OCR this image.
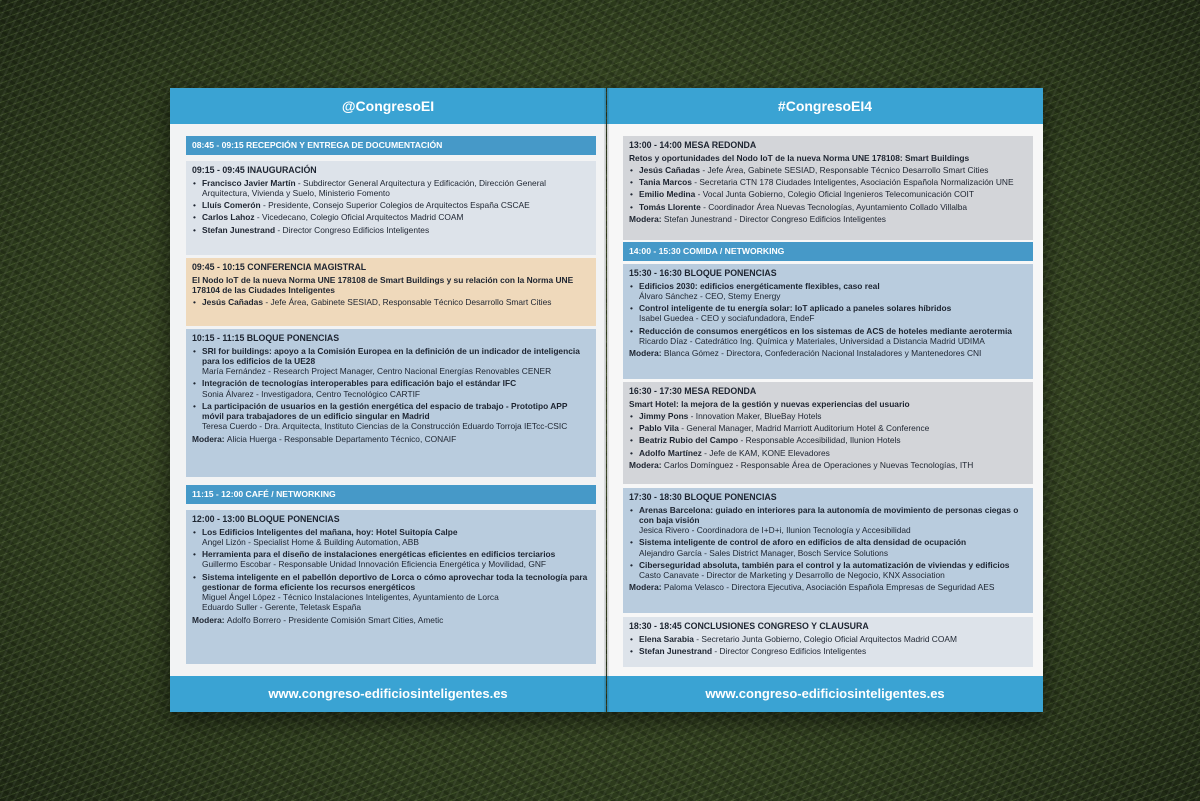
@CongresoEI
08:45 - 09:15 RECEPCIÓN Y ENTREGA DE DOCUMENTACIÓN
09:15 - 09:45 INAUGURACIÓN
• Francisco Javier Martín - Subdirector General Arquitectura y Edificación, Dirección General Arquitectura, Vivienda y Suelo, Ministerio Fomento
• Lluís Comerón - Presidente, Consejo Superior Colegios de Arquitectos España CSCAE
• Carlos Lahoz - Vicedecano, Colegio Oficial Arquitectos Madrid COAM
• Stefan Junestrand - Director Congreso Edificios Inteligentes
09:45 - 10:15 CONFERENCIA MAGISTRAL
El Nodo IoT de la nueva Norma UNE 178108 de Smart Buildings y su relación con la Norma UNE 178104 de las Ciudades Inteligentes
• Jesús Cañadas - Jefe Área, Gabinete SESIAD, Responsable Técnico Desarrollo Smart Cities
10:15 - 11:15 BLOQUE PONENCIAS
• SRI for buildings: apoyo a la Comisión Europea en la definición de un indicador de inteligencia para los edificios de la UE28
María Fernández - Research Project Manager, Centro Nacional Energías Renovables CENER
• Integración de tecnologías interoperables para edificación bajo el estándar IFC
Sonia Álvarez - Investigadora, Centro Tecnológico CARTIF
• La participación de usuarios en la gestión energética del espacio de trabajo - Prototipo APP móvil para trabajadores de un edificio singular en Madrid
Teresa Cuerdo - Dra. Arquitecta, Instituto Ciencias de la Construcción Eduardo Torroja IETcc-CSIC
Modera: Alicia Huerga - Responsable Departamento Técnico, CONAIF
11:15 - 12:00 CAFÉ / NETWORKING
12:00 - 13:00 BLOQUE PONENCIAS
• Los Edificios Inteligentes del mañana, hoy: Hotel Suitopía Calpe
Angel Lizón - Specialist Home & Building Automation, ABB
• Herramienta para el diseño de instalaciones energéticas eficientes en edificios terciarios
Guillermo Escobar - Responsable Unidad Innovación Eficiencia Energética y Movilidad, GNF
• Sistema inteligente en el pabellón deportivo de Lorca o cómo aprovechar toda la tecnología para gestionar de forma eficiente los recursos energéticos
Miguel Ángel López - Técnico Instalaciones Inteligentes, Ayuntamiento de Lorca
Eduardo Suller - Gerente, Teletask España
Modera: Adolfo Borrero - Presidente Comisión Smart Cities, Ametic
www.congreso-edificiosinteligentes.es
#CongresoEI4
13:00 - 14:00 MESA REDONDA
Retos y oportunidades del Nodo IoT de la nueva Norma UNE 178108: Smart Buildings
• Jesús Cañadas - Jefe Área, Gabinete SESIAD, Responsable Técnico Desarrollo Smart Cities
• Tania Marcos - Secretaria CTN 178 Ciudades Inteligentes, Asociación Española Normalización UNE
• Emilio Medina - Vocal Junta Gobierno, Colegio Oficial Ingenieros Telecomunicación COIT
• Tomás Llorente - Coordinador Área Nuevas Tecnologías, Ayuntamiento Collado Villalba
Modera: Stefan Junestrand - Director Congreso Edificios Inteligentes
14:00 - 15:30 COMIDA / NETWORKING
15:30 - 16:30 BLOQUE PONENCIAS
• Edificios 2030: edificios energéticamente flexibles, caso real
Álvaro Sánchez - CEO, Stemy Energy
• Control inteligente de tu energía solar: IoT aplicado a paneles solares híbridos
Isabel Guedea - CEO y sociafundadora, EndeF
• Reducción de consumos energéticos en los sistemas de ACS de hoteles mediante aerotermia
Ricardo Díaz - Catedrático Ing. Química y Materiales, Universidad a Distancia Madrid UDIMA
Modera: Blanca Gómez - Directora, Confederación Nacional Instaladores y Mantenedores CNI
16:30 - 17:30 MESA REDONDA
Smart Hotel: la mejora de la gestión y nuevas experiencias del usuario
• Jimmy Pons - Innovation Maker, BlueBay Hotels
• Pablo Vila - General Manager, Madrid Marriott Auditorium Hotel & Conference
• Beatriz Rubio del Campo - Responsable Accesibilidad, Ilunion Hotels
• Adolfo Martínez - Jefe de KAM, KONE Elevadores
Modera: Carlos Domínguez - Responsable Área de Operaciones y Nuevas Tecnologías, ITH
17:30 - 18:30 BLOQUE PONENCIAS
• Arenas Barcelona: guiado en interiores para la autonomía de movimiento de personas ciegas o con baja visión
Jesica Rivero - Coordinadora de I+D+i, Ilunion Tecnología y Accesibilidad
• Sistema inteligente de control de aforo en edificios de alta densidad de ocupación
Alejandro García - Sales District Manager, Bosch Service Solutions
• Ciberseguridad absoluta, también para el control y la automatización de viviendas y edificios
Casto Canavate - Director de Marketing y Desarrollo de Negocio, KNX Association
Modera: Paloma Velasco - Directora Ejecutiva, Asociación Española Empresas de Seguridad AES
18:30 - 18:45 CONCLUSIONES CONGRESO Y CLAUSURA
• Elena Sarabia - Secretario Junta Gobierno, Colegio Oficial Arquitectos Madrid COAM
• Stefan Junestrand - Director Congreso Edificios Inteligentes
www.congreso-edificiosinteligentes.es
